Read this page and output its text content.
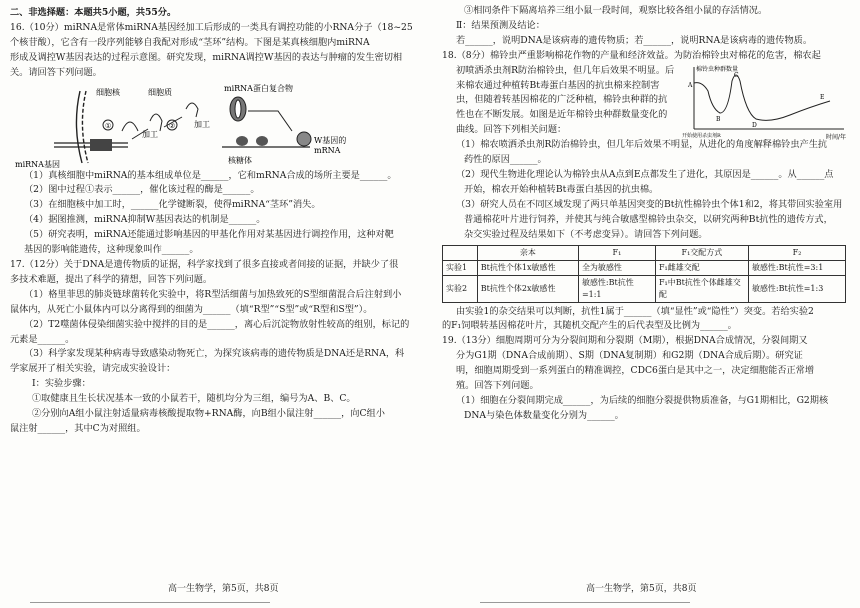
二、非选择题：本题共5小题，共55分。
16.（10分）miRNA是常体miRNA基因经加工后形成的一类具有调控功能的小RNA分子（18~25
个核苷酸），它含有一段序列能够自我配对形成“茎环”结构。下图是某真核细胞内miRNA
形成及调控W基因表达的过程示意图。研究发现，miRNA调控W基因的表达与肿瘤的发生密切相
关。请回答下列问题。
①	②
加工
加工
miRNA基因
细胞核	细胞质	miRNA蛋白复合物
核糖体
W基因的
mRNA
（1）真核细胞中miRNA的基本组成单位是______，它和mRNA合成的场所主要是______。
（2）图中过程①表示______，催化该过程的酶是______。
（3）在细胞核中加工时，______化学键断裂，使得miRNA“茎环”消失。
（4）据图推测，miRNA抑制W基因表达的机制是______。
（5）研究表明，miRNA还能通过影响基因的甲基化作用对某基因进行调控作用，这种对靶
基因的影响能遗传，这种现象叫作______。
17.（12分）关于DNA是遗传物质的证据，科学家找到了很多直接或者间接的证据，并缺少了很
多技术难题，提出了科学的猜想，回答下列问题。
（1）格里菲思的肺炎链球菌转化实验中，将R型活细菌与加热致死的S型细菌混合后注射到小
鼠体内，从死亡小鼠体内可以分离得到的细菌为______（填“R型”“S型”或“R型和S型”）。
（2）T2噬菌体侵染细菌实验中搅拌的目的是______，离心后沉淀物放射性较高的组别，标记的
元素是______。
（3）科学家发现某种病毒导致感染动物死亡，为探究该病毒的遗传物质是DNA还是RNA，科
学家展开了相关实验，请完成实验设计：
Ⅰ：实验步骤：
①取健康且生长状况基本一致的小鼠若干，随机均分为三组，编号为A、B、C。
②分别向A组小鼠注射适量病毒核酸提取物+RNA酶，向B组小鼠注射______，向C组小
鼠注射______，其中C为对照组。
高一生物学，第5页，共8页
③相同条件下隔离培养三组小鼠一段时间，观察比较各组小鼠的存活情况。
Ⅱ：结果预测及结论：
若______，说明DNA是该病毒的遗传物质；若______，说明RNA是该病毒的遗传物质。
18.（8分）棉铃虫严重影响棉花作物的产量和经济效益。为防治棉铃虫对棉花的危害，棉农起
初喷洒杀虫剂R防治棉铃虫，但几年后效果不明显。后
来棉农通过种植转Bt毒蛋白基因的抗虫棉来控制害
虫，但随着转基因棉花的广泛种植，棉铃虫种群的抗
性也在不断发展。如图是近年棉铃虫种群数量变化的
曲线。回答下列相关问题：
棉铃虫种群数量
时间/年
A
B
C
D
E
开始使用杀虫剂R
（1）棉农喷洒杀虫剂R防治棉铃虫，但几年后效果不明显，从进化的角度解释棉铃虫产生抗
药性的原因______。
（2）现代生物进化理论认为棉铃虫从A点到E点都发生了进化，其原因是______。从______点
开始，棉农开始种植转Bt毒蛋白基因的抗虫棉。
（3）研究人员在不同区域发现了两只单基因突变的Bt抗性棉铃虫个体1和2，将其带回实验室用
普通棉花叶片进行饲养，并使其与纯合敏感型棉铃虫杂交，以研究两种Bt抗性的遗传方式，
杂交实验过程及结果如下（不考虑变异）。请回答下列问题。
	亲本	F₁	F₁交配方式	F₂
实验1	Bt抗性个体1x敏感性	全为敏感性	F₁雌雄交配	敏感性:Bt抗性=3:1
实验2	Bt抗性个体2x敏感性	敏感性:Bt抗性=1:1	F₁中Bt抗性个体雌雄交配	敏感性:Bt抗性=1:3
由实验1的杂交结果可以判断，抗性1属于______（填“显性”或“隐性”）突变。若给实验2
的F₁饲喂转基因棉花叶片，其随机交配产生的后代表型及比例为______。
19.（13分）细胞周期可分为分裂间期和分裂期（M期），根据DNA合成情况，分裂间期又
分为G1期（DNA合成前期）、S期（DNA复制期）和G2期（DNA合成后期）。研究证
明，细胞周期受到一系列蛋白的精准调控，CDC6蛋白是其中之一，决定细胞能否正常增
殖。回答下列问题。
（1）细胞在分裂间期完成______，为后续的细胞分裂提供物质准备，与G1期相比，G2期核
DNA与染色体数量变化分别为______。
高一生物学，第5页，共8页
